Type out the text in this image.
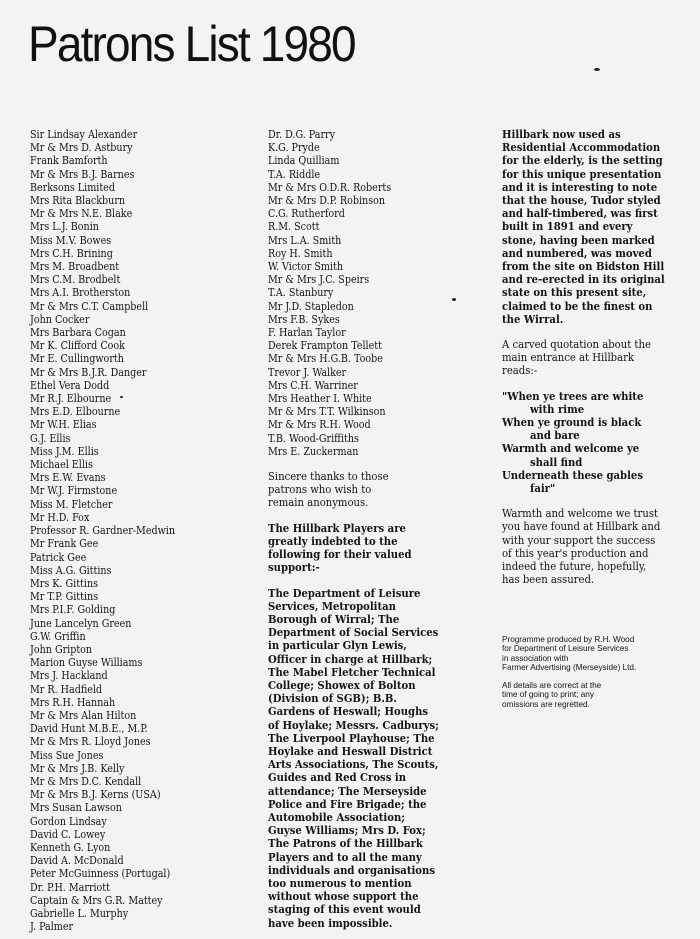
Patrons List 1980
Sir Lindsay Alexander
Mr & Mrs D. Astbury
Frank Bamforth
Mr & Mrs B.J. Barnes
Berksons Limited
Mrs Rita Blackburn
Mr & Mrs N.E. Blake
Mrs L.J. Bonin
Miss M.V. Bowes
Mrs C.H. Brining
Mrs M. Broadbent
Mrs C.M. Brodbelt
Mrs A.I. Brotherston
Mr & Mrs C.T. Campbell
John Cocker
Mrs Barbara Cogan
Mr K. Clifford Cook
Mr E. Cullingworth
Mr & Mrs B.J.R. Danger
Ethel Vera Dodd
Mr R.J. Elbourne
Mrs E.D. Elbourne
Mr W.H. Elias
G.J. Ellis
Miss J.M. Ellis
Michael Ellis
Mrs E.W. Evans
Mr W.J. Firmstone
Miss M. Fletcher
Mr H.D. Fox
Professor R. Gardner-Medwin
Mr Frank Gee
Patrick Gee
Miss A.G. Gittins
Mrs K. Gittins
Mr T.P. Gittins
Mrs P.I.F. Golding
June Lancelyn Green
G.W. Griffin
John Gripton
Marion Guyse Williams
Mrs J. Hackland
Mr R. Hadfield
Mrs R.H. Hannah
Mr & Mrs Alan Hilton
David Hunt M.B.E., M.P.
Mr & Mrs R. Lloyd Jones
Miss Sue Jones
Mr & Mrs J.B. Kelly
Mr & Mrs D.C. Kendall
Mr & Mrs B.J. Kerns (USA)
Mrs Susan Lawson
Gordon Lindsay
David C. Lowey
Kenneth G. Lyon
David A. McDonald
Peter McGuinness (Portugal)
Dr. P.H. Marriott
Captain & Mrs G.R. Mattey
Gabrielle L. Murphy
J. Palmer
Dr. D.G. Parry
K.G. Pryde
Linda Quilliam
T.A. Riddle
Mr & Mrs O.D.R. Roberts
Mr & Mrs D.P. Robinson
C.G. Rutherford
R.M. Scott
Mrs L.A. Smith
Roy H. Smith
W. Victor Smith
Mr & Mrs J.C. Speirs
T.A. Stanbury
Mr J.D. Stapledon
Mrs F.B. Sykes
F. Harlan Taylor
Derek Frampton Tellett
Mr & Mrs H.G.B. Toobe
Trevor J. Walker
Mrs C.H. Warriner
Mrs Heather I. White
Mr & Mrs T.T. Wilkinson
Mr & Mrs R.H. Wood
T.B. Wood-Griffiths
Mrs E. Zuckerman
Sincere thanks to those
patrons who wish to
remain anonymous.
The Hillbark Players are
greatly indebted to the
following for their valued
support:-
The Department of Leisure
Services, Metropolitan
Borough of Wirral; The
Department of Social Services
in particular Glyn Lewis,
Officer in charge at Hillbark;
The Mabel Fletcher Technical
College; Showex of Bolton
(Division of SGB); B.B.
Gardens of Heswall; Houghs
of Hoylake; Messrs. Cadburys;
The Liverpool Playhouse; The
Hoylake and Heswall District
Arts Associations, The Scouts,
Guides and Red Cross in
attendance; The Merseyside
Police and Fire Brigade; the
Automobile Association;
Guyse Williams; Mrs D. Fox;
The Patrons of the Hillbark
Players and to all the many
individuals and organisations
too numerous to mention
without whose support the
staging of this event would
have been impossible.
Hillbark now used as
Residential Accommodation
for the elderly, is the setting
for this unique presentation
and it is interesting to note
that the house, Tudor styled
and half-timbered, was first
built in 1891 and every
stone, having been marked
and numbered, was moved
from the site on Bidston Hill
and re-erected in its original
state on this present site,
claimed to be the finest on
the Wirral.
A carved quotation about the
main entrance at Hillbark
reads:-
"When ye trees are white
with rime
When ye ground is black
and bare
Warmth and welcome ye
shall find
Underneath these gables
fair"
Warmth and welcome we trust
you have found at Hillbark and
with your support the success
of this year's production and
indeed the future, hopefully,
has been assured.
Programme produced by R.H. Wood
for Department of Leisure Services
in association with
Farmer Advertising (Merseyside) Ltd.
All details are correct at the
time of going to print; any
omissions are regretted.
